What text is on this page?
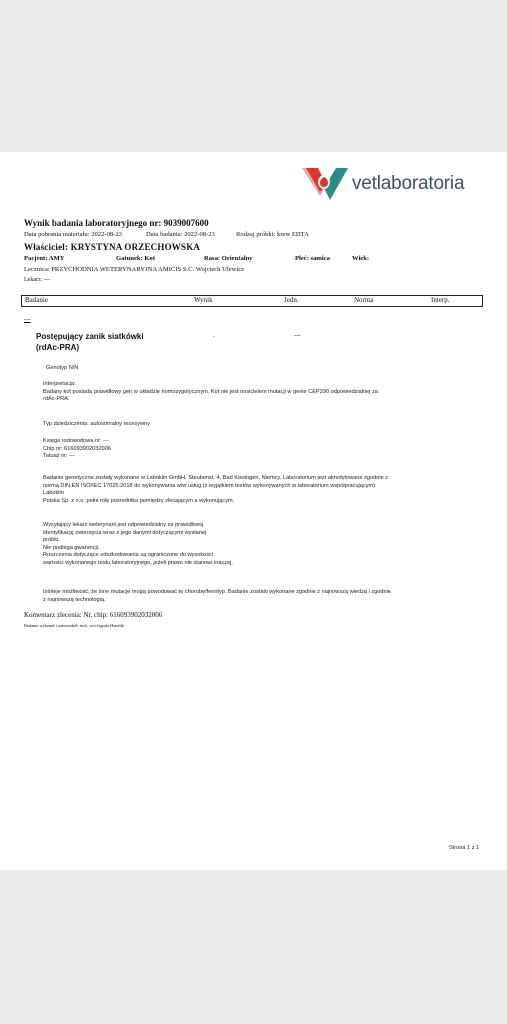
vetlaboratoria
Wynik badania laboratoryjnego nr: 9039007600
Data pobrania materiału: 2022-08-23	Data badania: 2022-08-23	Rodzaj próbki: krew EDTA
Właściciel: KRYSTYNA ORZECHOWSKA
Pacjent: AMY	Gatunek: Kot	Rasa: Orientalny	Płeć: samica	Wiek:
Lecznica: PRZYCHODNIA WETERYNARYJNA AMICIS S.C. Wojciech Ulewicz
Lekarz: ---
Badanie	Wynik	Jedn.	Norma	Interp.
---
Postępujący zanik siatkówki
(rdAc-PRA)
.	---
Genotyp N/N
Interpretacja:
Badany kot posiada prawidłowy gen w układzie homozygotycznym. Kot nie jest nosicielem mutacji w genie CEP290 odpowiedzialnej za
rdAc-PRA.
Typ dziedziczenia: autosomalny recesywny
Księga rodowodowa nr: ---
Chip nr: 616093902032006
Tatuaż nr: ---
Badanie genetyczne zostały wykonane w Laboklin GmbH, Steubenst. 4, Bad Kissingen, Niemcy. Laboratorium jest akredytowane zgodnie z
normą DIN EN ISO/IEC 17025:2018 do wykonywania w/w usług (z wyjątkiem testów wykonywanych w laboratorium współpracującym).
Laboklin
Polska Sp. z o.o. pełni rolę pośrednika pomiędzy zlecającym a wykonującym.
Wysyłający lekarz weterynarii jest odpowiedzialny za prawidłową
identyfikację zwierzęcia wraz z jego danymi dotyczącymi wysłanej
próbki.
Nie podlega gwarancji.
Roszczenia dotyczące odszkodowania są ograniczone do wysokości
wartości wykonanego testu laboratoryjnego, jeżeli prawo nie stanowi inaczej.
Istnieje możliwość, że inne mutacje mogą powodować tę chorobę/fenotyp. Badanie zostało wykonane zgodnie z najnowszą wiedzą i zgodnie
z najnowszą technologią.
Komentarz zlecenia: Nr. chip: 616093902032006
Badanie wykonał i zatwierdził: tech. wet.Jagoda Hanzlik
Strona 1 z 1
